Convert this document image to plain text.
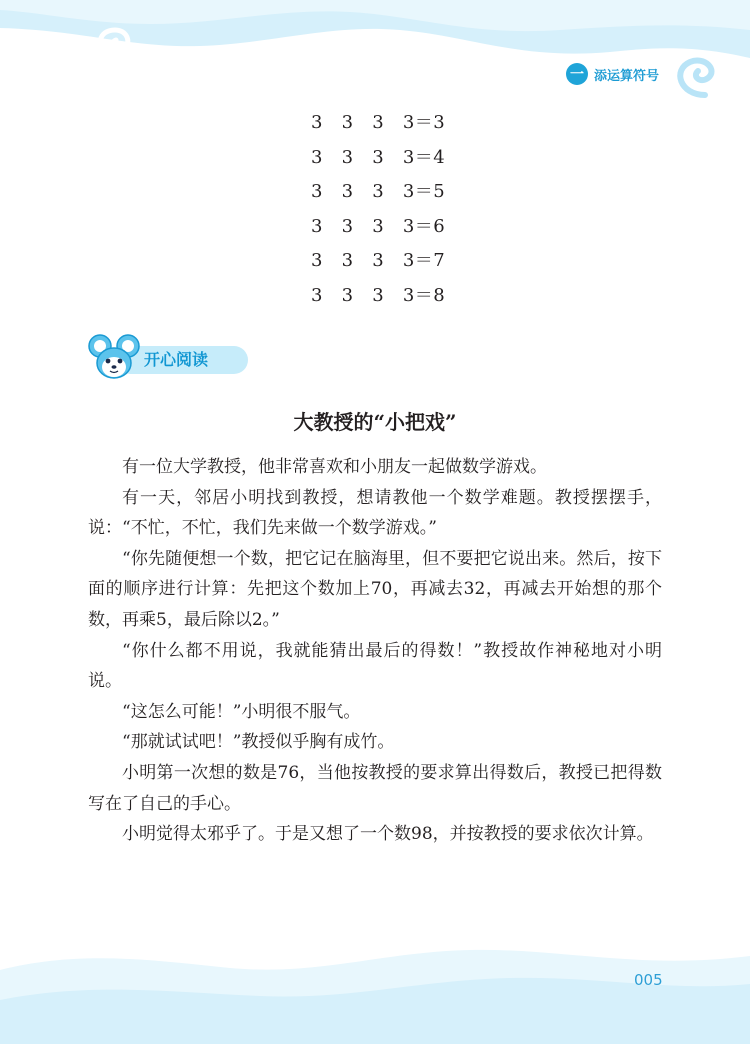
一 添运算符号
3   3   3   3＝3
3   3   3   3＝4
3   3   3   3＝5
3   3   3   3＝6
3   3   3   3＝7
3   3   3   3＝8
开心阅读
大教授的“小把戏”

有一位大学教授，他非常喜欢和小朋友一起做数学游戏。

有一天，邻居小明找到教授，想请教他一个数学难题。教授摆摆手，说：“不忙，不忙，我们先来做一个数学游戏。”

“你先随便想一个数，把它记在脑海里，但不要把它说出来。然后，按下面的顺序进行计算：先把这个数加上70，再减去32，再减去开始想的那个数，再乘5，最后除以2。”

“你什么都不用说，我就能猜出最后的得数！”教授故作神秘地对小明说。

“这怎么可能！”小明很不服气。

“那就试试吧！”教授似乎胸有成竹。

小明第一次想的数是76，当他按教授的要求算出得数后，教授已把得数写在了自己的手心。

小明觉得太邪乎了。于是又想了一个数98，并按教授的要求依次计算。

005
